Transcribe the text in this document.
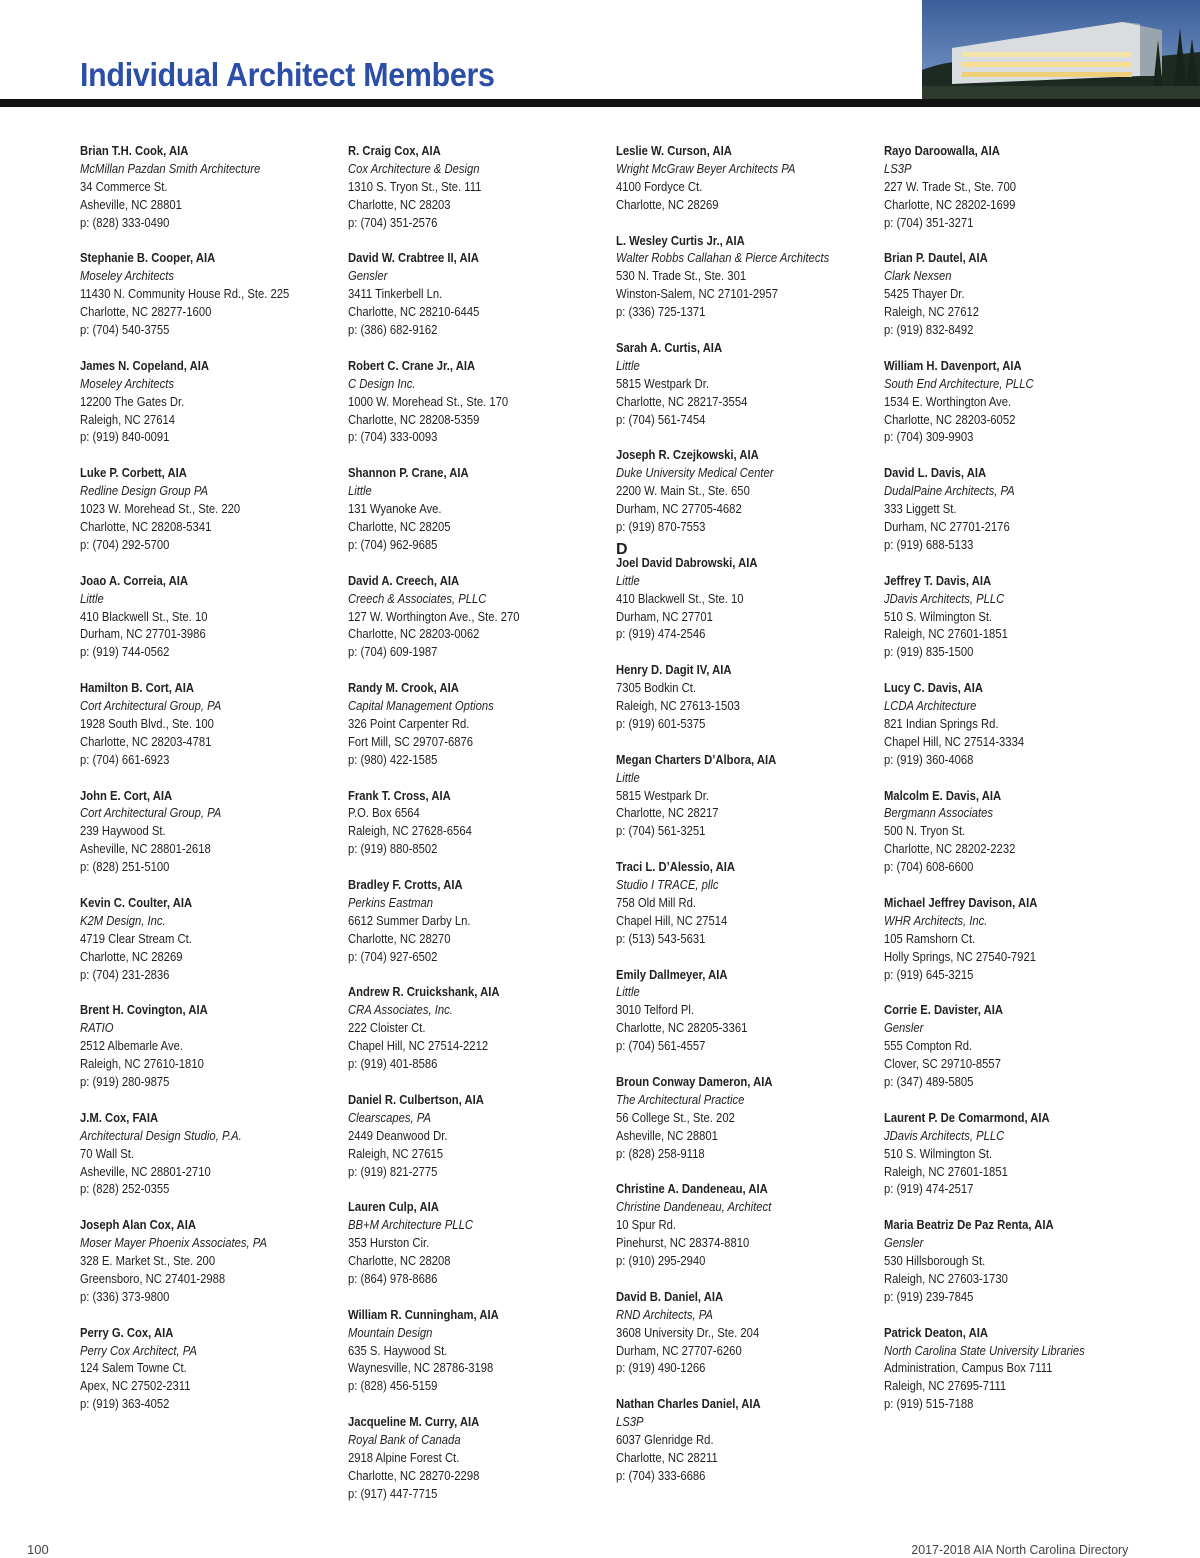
Individual Architect Members
Brian T.H. Cook, AIA
McMillan Pazdan Smith Architecture
34 Commerce St.
Asheville, NC 28801
p: (828) 333-0490
Stephanie B. Cooper, AIA
Moseley Architects
11430 N. Community House Rd., Ste. 225
Charlotte, NC 28277-1600
p: (704) 540-3755
James N. Copeland, AIA
Moseley Architects
12200 The Gates Dr.
Raleigh, NC 27614
p: (919) 840-0091
Luke P. Corbett, AIA
Redline Design Group PA
1023 W. Morehead St., Ste. 220
Charlotte, NC 28208-5341
p: (704) 292-5700
Joao A. Correia, AIA
Little
410 Blackwell St., Ste. 10
Durham, NC 27701-3986
p: (919) 744-0562
Hamilton B. Cort, AIA
Cort Architectural Group, PA
1928 South Blvd., Ste. 100
Charlotte, NC 28203-4781
p: (704) 661-6923
John E. Cort, AIA
Cort Architectural Group, PA
239 Haywood St.
Asheville, NC 28801-2618
p: (828) 251-5100
Kevin C. Coulter, AIA
K2M Design, Inc.
4719 Clear Stream Ct.
Charlotte, NC 28269
p: (704) 231-2836
Brent H. Covington, AIA
RATIO
2512 Albemarle Ave.
Raleigh, NC 27610-1810
p: (919) 280-9875
J.M. Cox, FAIA
Architectural Design Studio, P.A.
70 Wall St.
Asheville, NC 28801-2710
p: (828) 252-0355
Joseph Alan Cox, AIA
Moser Mayer Phoenix Associates, PA
328 E. Market St., Ste. 200
Greensboro, NC 27401-2988
p: (336) 373-9800
Perry G. Cox, AIA
Perry Cox Architect, PA
124 Salem Towne Ct.
Apex, NC 27502-2311
p: (919) 363-4052
R. Craig Cox, AIA
Cox Architecture & Design
1310 S. Tryon St., Ste. 111
Charlotte, NC 28203
p: (704) 351-2576
David W. Crabtree II, AIA
Gensler
3411 Tinkerbell Ln.
Charlotte, NC 28210-6445
p: (386) 682-9162
Robert C. Crane Jr., AIA
C Design Inc.
1000 W. Morehead St., Ste. 170
Charlotte, NC 28208-5359
p: (704) 333-0093
Shannon P. Crane, AIA
Little
131 Wyanoke Ave.
Charlotte, NC 28205
p: (704) 962-9685
David A. Creech, AIA
Creech & Associates, PLLC
127 W. Worthington Ave., Ste. 270
Charlotte, NC 28203-0062
p: (704) 609-1987
Randy M. Crook, AIA
Capital Management Options
326 Point Carpenter Rd.
Fort Mill, SC 29707-6876
p: (980) 422-1585
Frank T. Cross, AIA
P.O. Box 6564
Raleigh, NC 27628-6564
p: (919) 880-8502
Bradley F. Crotts, AIA
Perkins Eastman
6612 Summer Darby Ln.
Charlotte, NC 28270
p: (704) 927-6502
Andrew R. Cruickshank, AIA
CRA Associates, Inc.
222 Cloister Ct.
Chapel Hill, NC 27514-2212
p: (919) 401-8586
Daniel R. Culbertson, AIA
Clearscapes, PA
2449 Deanwood Dr.
Raleigh, NC 27615
p: (919) 821-2775
Lauren Culp, AIA
BB+M Architecture PLLC
353 Hurston Cir.
Charlotte, NC 28208
p: (864) 978-8686
William R. Cunningham, AIA
Mountain Design
635 S. Haywood St.
Waynesville, NC 28786-3198
p: (828) 456-5159
Jacqueline M. Curry, AIA
Royal Bank of Canada
2918 Alpine Forest Ct.
Charlotte, NC 28270-2298
p: (917) 447-7715
Leslie W. Curson, AIA
Wright McGraw Beyer Architects PA
4100 Fordyce Ct.
Charlotte, NC 28269
L. Wesley Curtis Jr., AIA
Walter Robbs Callahan & Pierce Architects
530 N. Trade St., Ste. 301
Winston-Salem, NC 27101-2957
p: (336) 725-1371
Sarah A. Curtis, AIA
Little
5815 Westpark Dr.
Charlotte, NC 28217-3554
p: (704) 561-7454
Joseph R. Czejkowski, AIA
Duke University Medical Center
2200 W. Main St., Ste. 650
Durham, NC 27705-4682
p: (919) 870-7553
D
Joel David Dabrowski, AIA
Little
410 Blackwell St., Ste. 10
Durham, NC 27701
p: (919) 474-2546
Henry D. Dagit IV, AIA
7305 Bodkin Ct.
Raleigh, NC 27613-1503
p: (919) 601-5375
Megan Charters D’Albora, AIA
Little
5815 Westpark Dr.
Charlotte, NC 28217
p: (704) 561-3251
Traci L. D’Alessio, AIA
Studio I TRACE, pllc
758 Old Mill Rd.
Chapel Hill, NC 27514
p: (513) 543-5631
Emily Dallmeyer, AIA
Little
3010 Telford Pl.
Charlotte, NC 28205-3361
p: (704) 561-4557
Broun Conway Dameron, AIA
The Architectural Practice
56 College St., Ste. 202
Asheville, NC 28801
p: (828) 258-9118
Christine A. Dandeneau, AIA
Christine Dandeneau, Architect
10 Spur Rd.
Pinehurst, NC 28374-8810
p: (910) 295-2940
David B. Daniel, AIA
RND Architects, PA
3608 University Dr., Ste. 204
Durham, NC 27707-6260
p: (919) 490-1266
Nathan Charles Daniel, AIA
LS3P
6037 Glenridge Rd.
Charlotte, NC 28211
p: (704) 333-6686
Rayo Daroowalla, AIA
LS3P
227 W. Trade St., Ste. 700
Charlotte, NC 28202-1699
p: (704) 351-3271
Brian P. Dautel, AIA
Clark Nexsen
5425 Thayer Dr.
Raleigh, NC 27612
p: (919) 832-8492
William H. Davenport, AIA
South End Architecture, PLLC
1534 E. Worthington Ave.
Charlotte, NC 28203-6052
p: (704) 309-9903
David L. Davis, AIA
DudalPaine Architects, PA
333 Liggett St.
Durham, NC 27701-2176
p: (919) 688-5133
Jeffrey T. Davis, AIA
JDavis Architects, PLLC
510 S. Wilmington St.
Raleigh, NC 27601-1851
p: (919) 835-1500
Lucy C. Davis, AIA
LCDA Architecture
821 Indian Springs Rd.
Chapel Hill, NC 27514-3334
p: (919) 360-4068
Malcolm E. Davis, AIA
Bergmann Associates
500 N. Tryon St.
Charlotte, NC 28202-2232
p: (704) 608-6600
Michael Jeffrey Davison, AIA
WHR Architects, Inc.
105 Ramshorn Ct.
Holly Springs, NC 27540-7921
p: (919) 645-3215
Corrie E. Davister, AIA
Gensler
555 Compton Rd.
Clover, SC 29710-8557
p: (347) 489-5805
Laurent P. De Comarmond, AIA
JDavis Architects, PLLC
510 S. Wilmington St.
Raleigh, NC 27601-1851
p: (919) 474-2517
Maria Beatriz De Paz Renta, AIA
Gensler
530 Hillsborough St.
Raleigh, NC 27603-1730
p: (919) 239-7845
Patrick Deaton, AIA
North Carolina State University Libraries
Administration, Campus Box 7111
Raleigh, NC 27695-7111
p: (919) 515-7188
100	2017-2018 AIA North Carolina Directory
